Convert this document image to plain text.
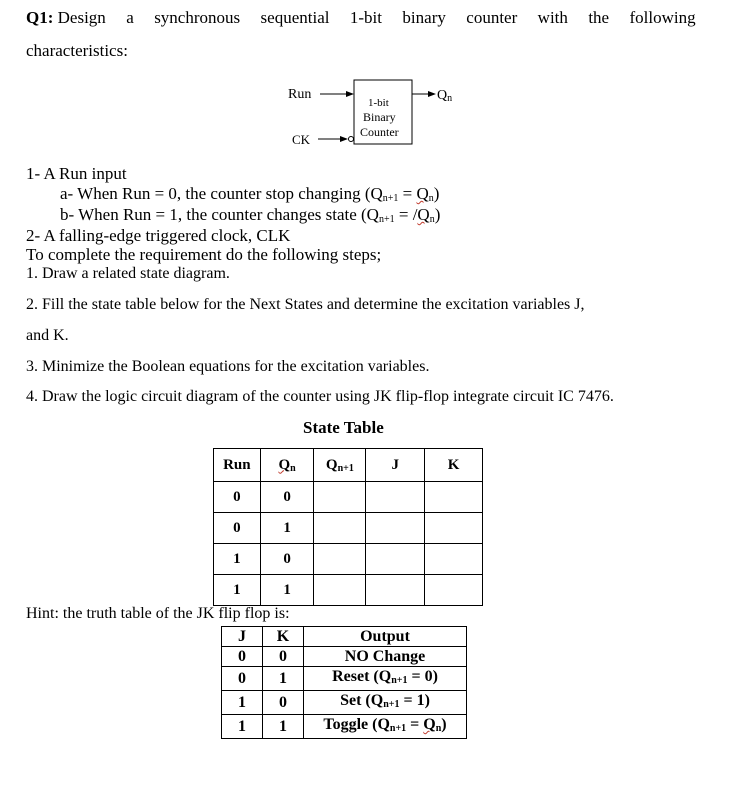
Q1: Design a synchronous sequential 1-bit binary counter with the following
characteristics:
Run
CK
Qn
1-bit
Binary
Counter
1- A Run input
a- When Run = 0, the counter stop changing $(Q_{n+1} = Q_n)$
b- When Run = 1, the counter changes state $(Q_{n+1} = /Q_n)$
2- A falling-edge triggered clock, CLK
To complete the requirement do the following steps;
1. Draw a related state diagram.
2. Fill the state table below for the Next States and determine the excitation variables J,
and K.
3. Minimize the Boolean equations for the excitation variables.
4. Draw the logic circuit diagram of the counter using JK flip-flop integrate circuit IC 7476.
State Table
Run	$Q_n$	$Q_{n+1}$	J	K
0	0			
0	1			
1	0			
1	1			
Hint: the truth table of the JK flip flop is:
J	K	Output
0	0	NO Change
0	1	Reset $(Q_{n+1} = 0)$
1	0	Set $(Q_{n+1} = 1)$
1	1	Toggle $(Q_{n+1} = Q_n)$
